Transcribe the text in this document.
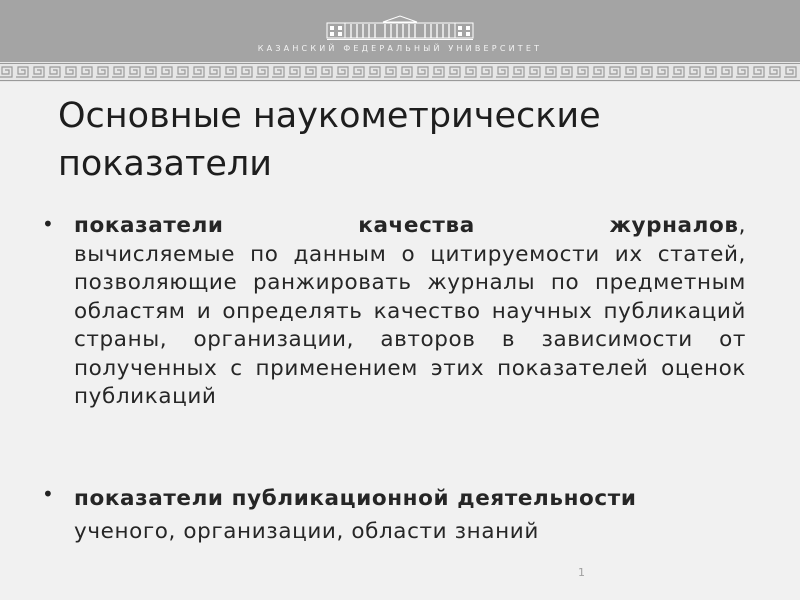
КАЗАНСКИЙ ФЕДЕРАЛЬНЫЙ УНИВЕРСИТЕТ
Основные наукометрические
показатели
• показатели	качества	журналов,
вычисляемые по данным о цитируемости их статей, позволяющие ранжировать журналы по предметным областям и определять качество научных публикаций страны, организации, авторов в зависимости от полученных с применением этих показателей оценок публикаций
• показатели публикационной деятельности
ученого, организации, области знаний
1
